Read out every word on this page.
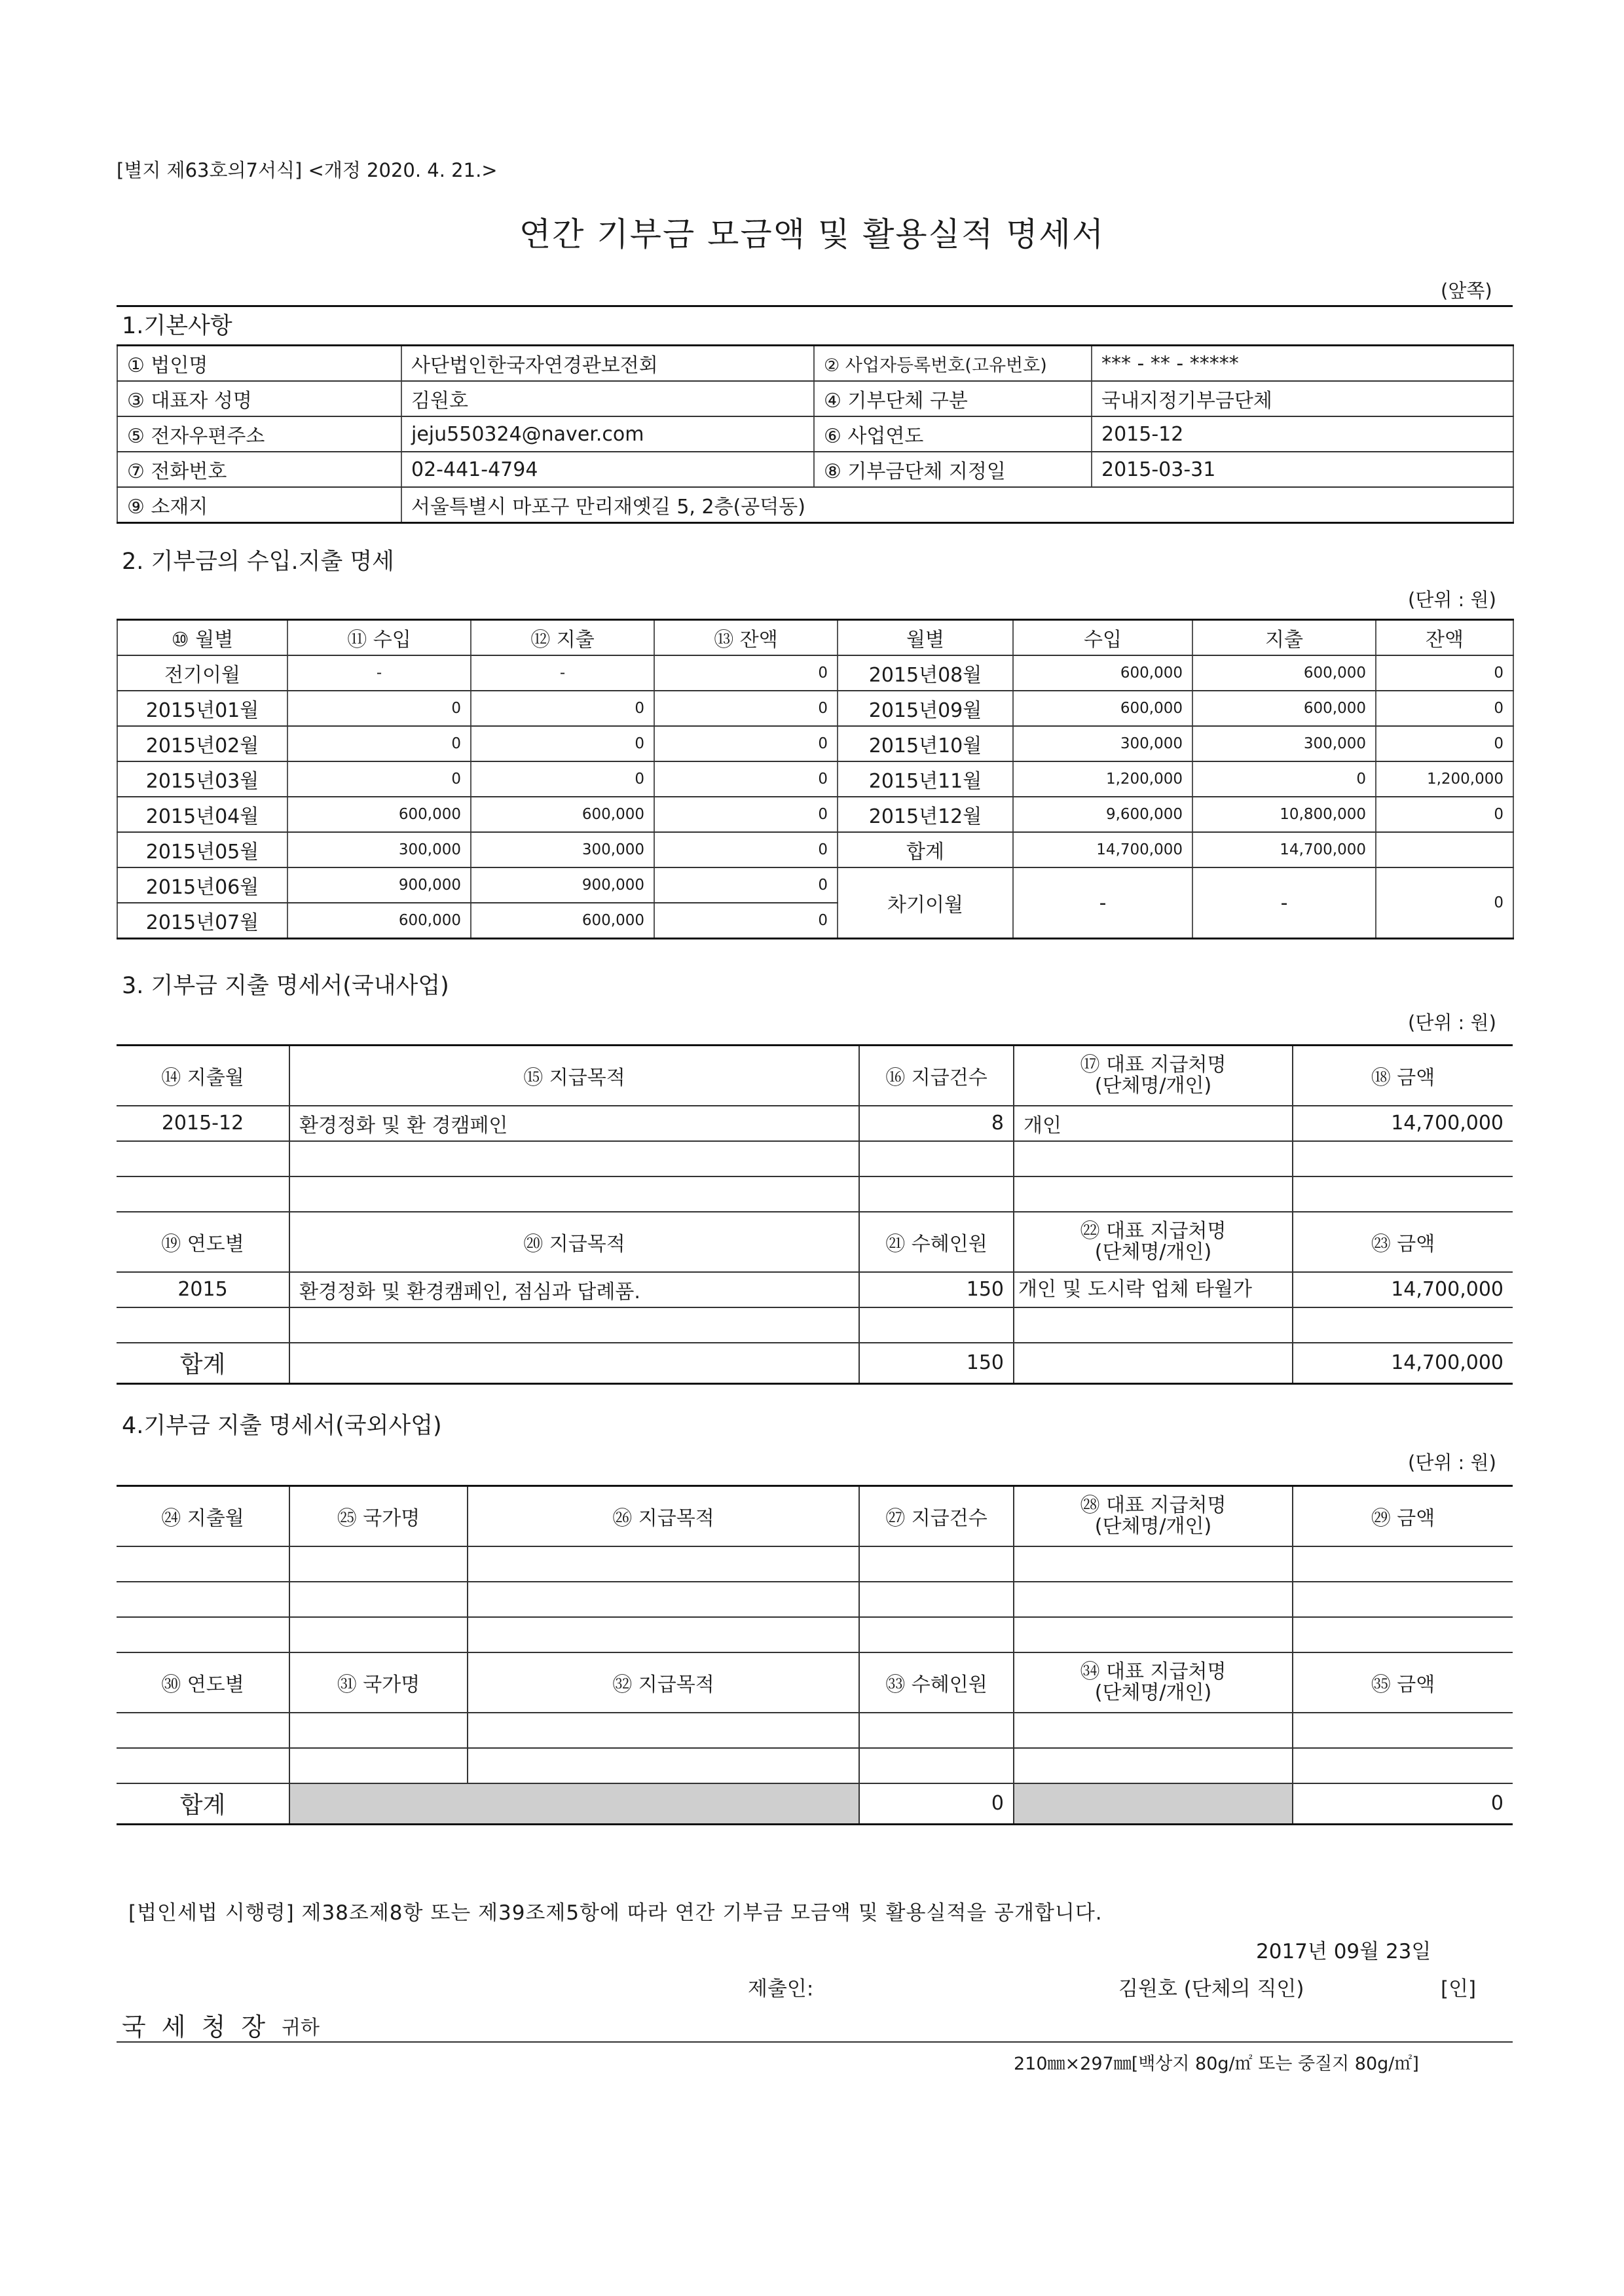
[별지 제63호의7서식] <개정 2020. 4. 21.>
연간 기부금 모금액 및 활용실적 명세서
(앞쪽)
1.기본사항
① 법인명	사단법인한국자연경관보전회	② 사업자등록번호(고유번호)	*** - ** - *****
③ 대표자 성명	김원호	④ 기부단체 구분	국내지정기부금단체
⑤ 전자우편주소	jeju550324@naver.com	⑥ 사업연도	2015-12
⑦ 전화번호	02-441-4794	⑧ 기부금단체 지정일	2015-03-31
⑨ 소재지	서울특별시 마포구 만리재옛길 5, 2층(공덕동)		
2. 기부금의 수입.지출 명세
(단위 : 원)
⑩ 월별	⑪ 수입	⑫ 지출	⑬ 잔액	월별	수입	지출	잔액
전기이월	-	-	0	2015년08월	600,000	600,000	0
2015년01월	0	0	0	2015년09월	600,000	600,000	0
2015년02월	0	0	0	2015년10월	300,000	300,000	0
2015년03월	0	0	0	2015년11월	1,200,000	0	1,200,000
2015년04월	600,000	600,000	0	2015년12월	9,600,000	10,800,000	0
2015년05월	300,000	300,000	0	합계	14,700,000	14,700,000	
2015년06월	900,000	900,000	0	차기이월	-	-	0
2015년07월	600,000	600,000	0				
3. 기부금 지출 명세서(국내사업)
(단위 : 원)
⑭ 지출월	⑮ 지급목적	⑯ 지급건수	⑰ 대표 지급처명
(단체명/개인)	⑱ 금액
2015-12	환경정화 및 환 경캠페인	8	개인	14,700,000

⑲ 연도별	⑳ 지급목적	㉑ 수혜인원	㉒ 대표 지급처명
(단체명/개인)	㉓ 금액
2015	환경정화 및 환경캠페인, 점심과 답례품.	150	개인 및 도시락 업체 타월가	14,700,000

합계		150		14,700,000
4.기부금 지출 명세서(국외사업)
(단위 : 원)
㉔ 지출월	㉕ 국가명	㉖ 지급목적	㉗ 지급건수	㉘ 대표 지급처명
(단체명/개인)	㉙ 금액

㉚ 연도별	㉛ 국가명	㉜ 지급목적	㉝ 수혜인원	㉞ 대표 지급처명
(단체명/개인)	㉟ 금액

합계			0		0
[법인세법 시행령] 제38조제8항 또는 제39조제5항에 따라 연간 기부금 모금액 및 활용실적을 공개합니다.
2017년 09월 23일
제출인:	김원호 (단체의 직인)	[인]
국 세 청 장 귀하
210㎜×297㎜[백상지 80g/㎡ 또는 중질지 80g/㎡]
